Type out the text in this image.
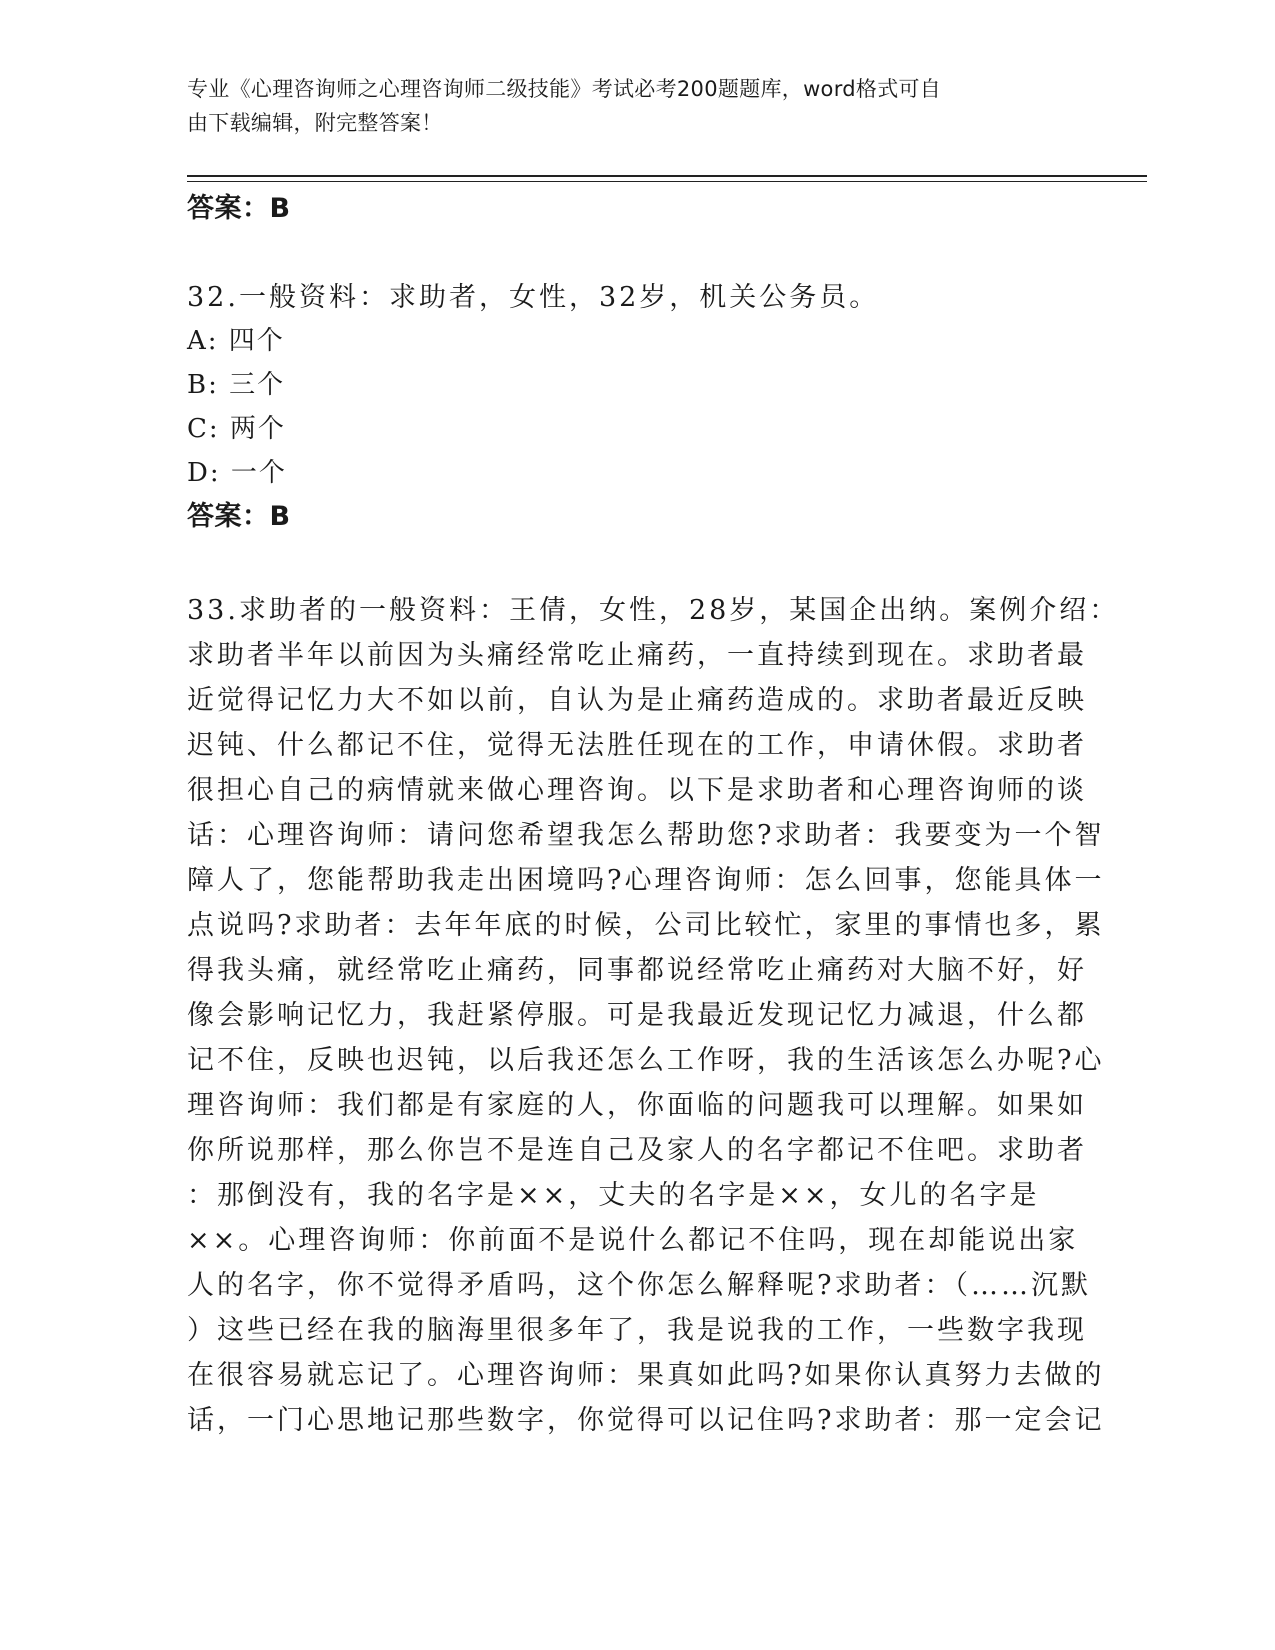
专业《心理咨询师之心理咨询师二级技能》考试必考200题题库，word格式可自
由下载编辑，附完整答案！
答案：B
32.一般资料：求助者，女性，32岁，机关公务员。
A: 四个
B: 三个
C: 两个
D: 一个
答案：B
33.求助者的一般资料：王倩，女性，28岁，某国企出纳。案例介绍：
求助者半年以前因为头痛经常吃止痛药，一直持续到现在。求助者最
近觉得记忆力大不如以前，自认为是止痛药造成的。求助者最近反映
迟钝、什么都记不住，觉得无法胜任现在的工作，申请休假。求助者
很担心自己的病情就来做心理咨询。以下是求助者和心理咨询师的谈
话：心理咨询师：请问您希望我怎么帮助您?求助者：我要变为一个智
障人了，您能帮助我走出困境吗?心理咨询师：怎么回事，您能具体一
点说吗?求助者：去年年底的时候，公司比较忙，家里的事情也多，累
得我头痛，就经常吃止痛药，同事都说经常吃止痛药对大脑不好，好
像会影响记忆力，我赶紧停服。可是我最近发现记忆力减退，什么都
记不住，反映也迟钝，以后我还怎么工作呀，我的生活该怎么办呢?心
理咨询师：我们都是有家庭的人，你面临的问题我可以理解。如果如
你所说那样，那么你岂不是连自己及家人的名字都记不住吧。求助者
：那倒没有，我的名字是××，丈夫的名字是××，女儿的名字是
××。心理咨询师：你前面不是说什么都记不住吗，现在却能说出家
人的名字，你不觉得矛盾吗，这个你怎么解释呢?求助者：（……沉默
）这些已经在我的脑海里很多年了，我是说我的工作，一些数字我现
在很容易就忘记了。心理咨询师：果真如此吗?如果你认真努力去做的
话，一门心思地记那些数字，你觉得可以记住吗?求助者：那一定会记
